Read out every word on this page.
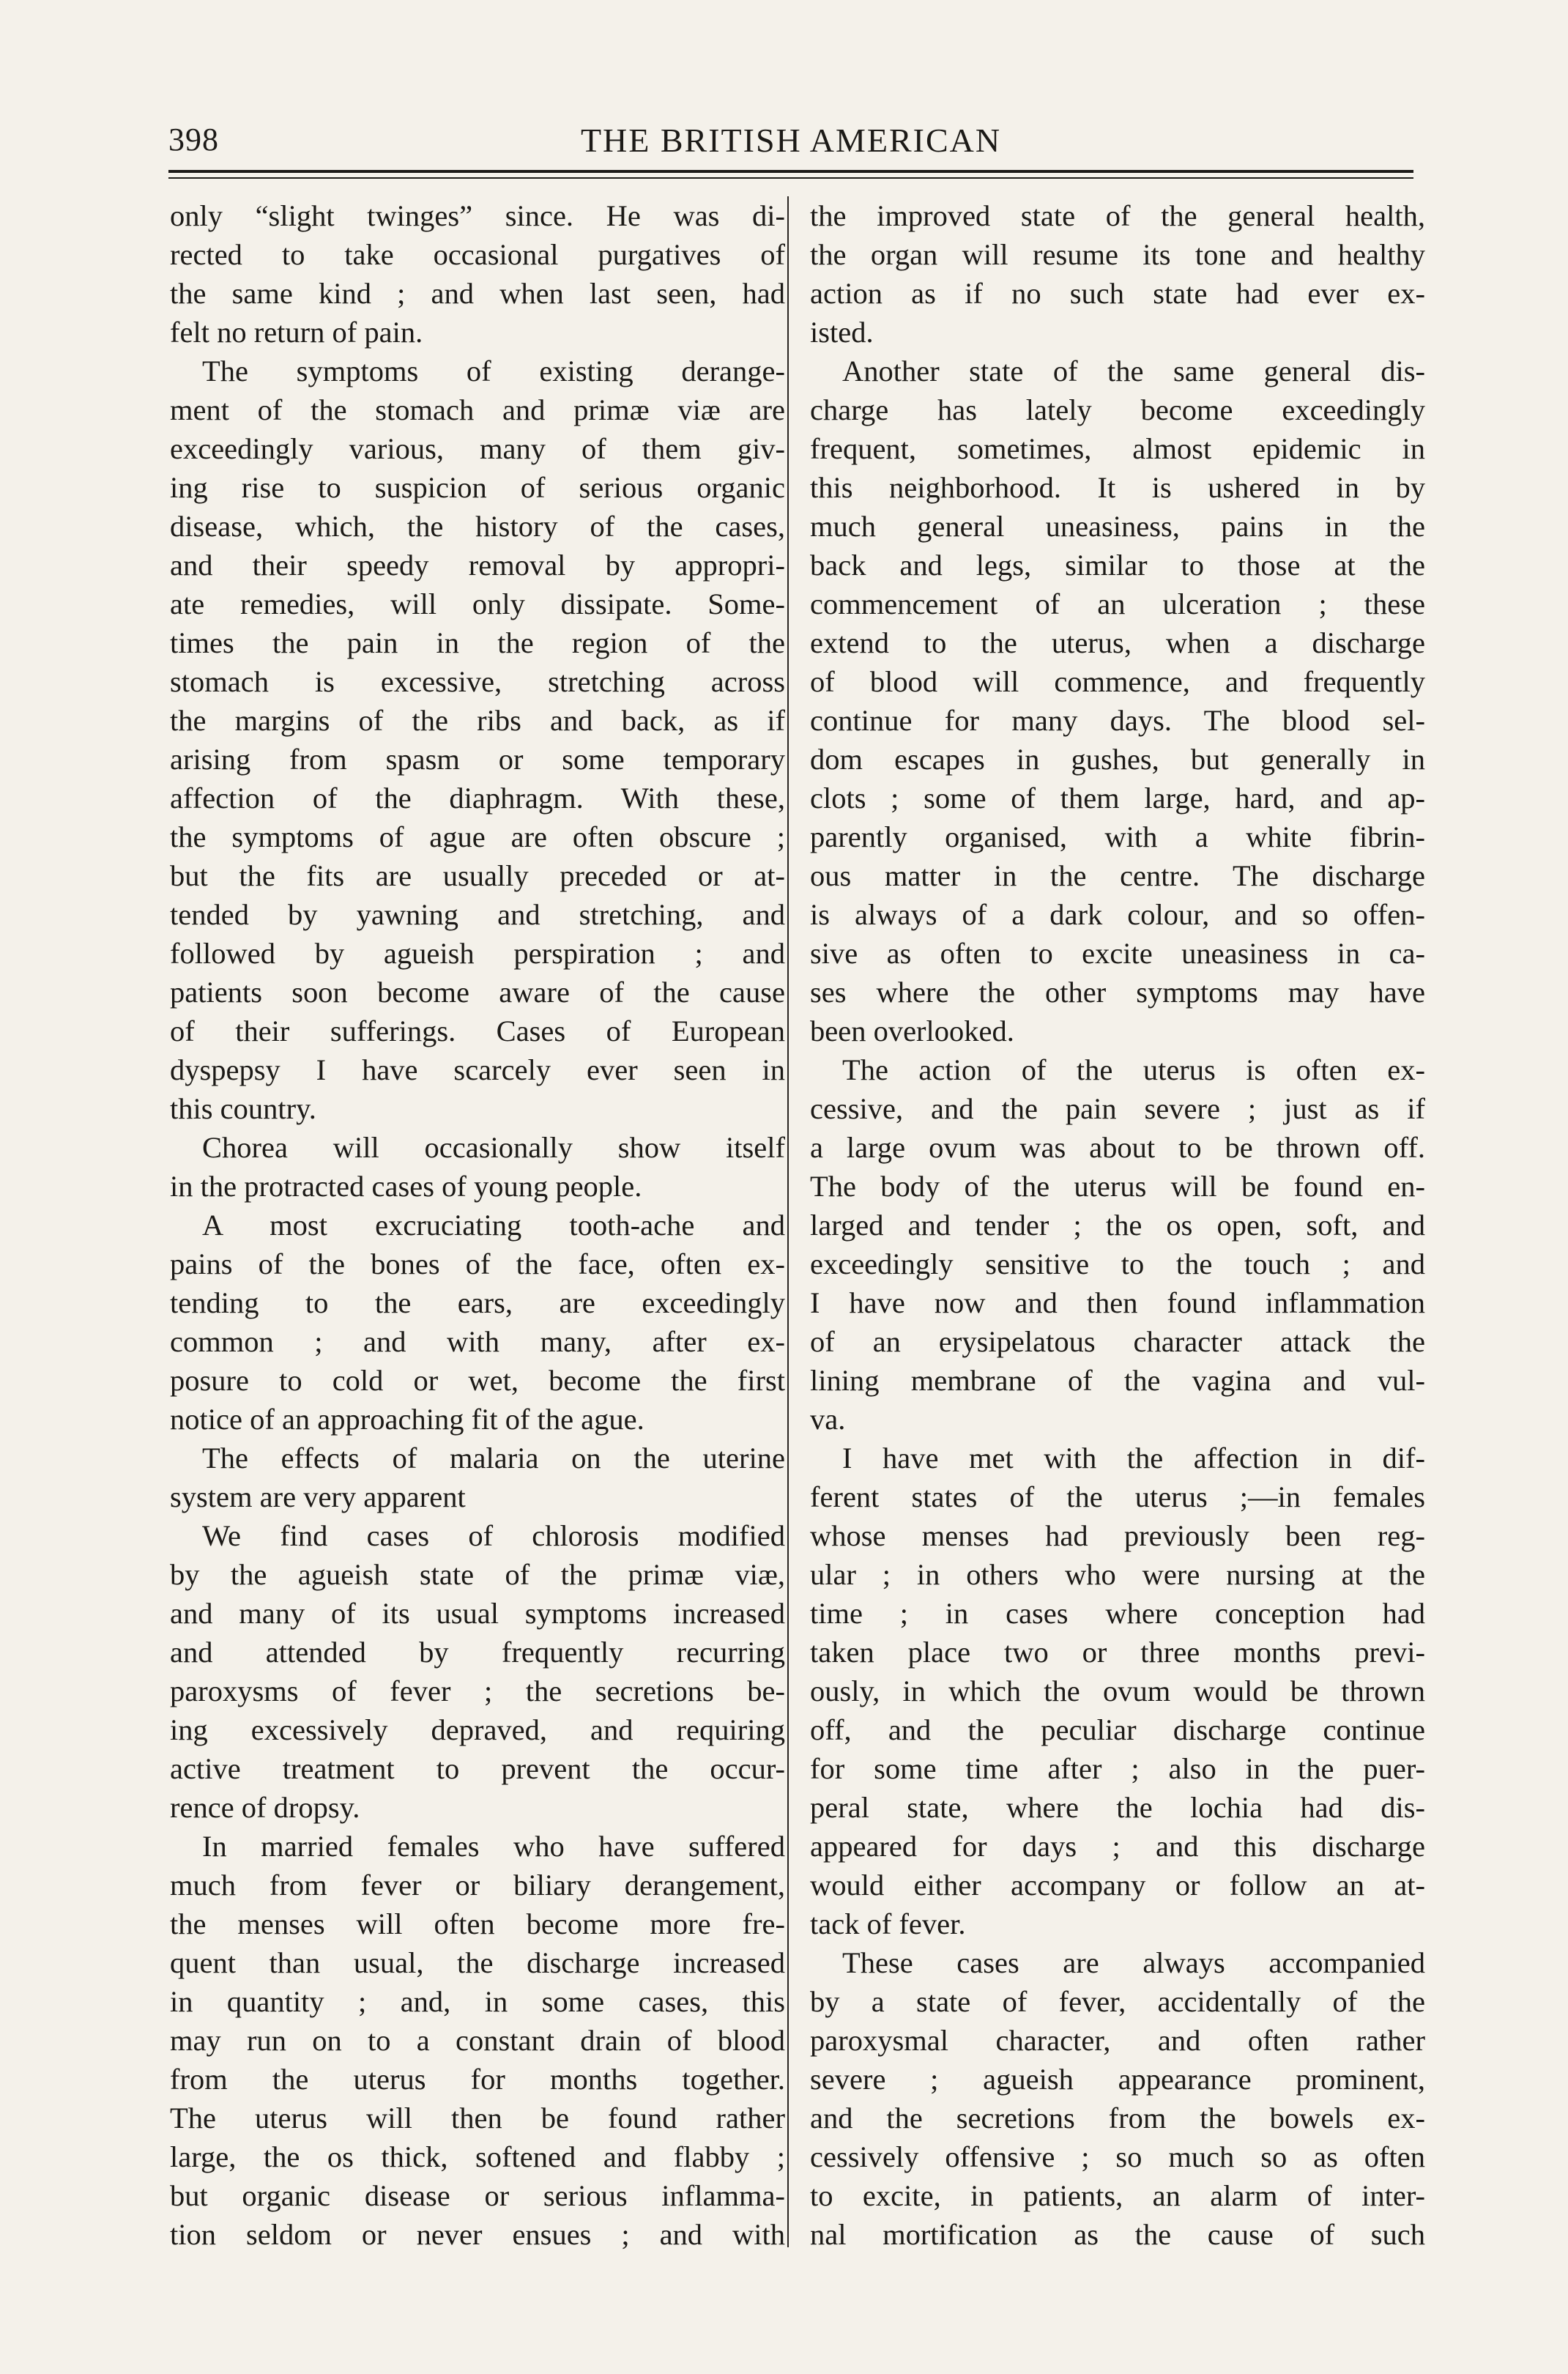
398	THE BRITISH AMERICAN
only “slight twinges” since. He was di-
rected to take occasional purgatives of
the same kind ; and when last seen, had
felt no return of pain.
The symptoms of existing derange-
ment of the stomach and primæ viæ are
exceedingly various, many of them giv-
ing rise to suspicion of serious organic
disease, which, the history of the cases,
and their speedy removal by appropri-
ate remedies, will only dissipate. Some-
times the pain in the region of the
stomach is excessive, stretching across
the margins of the ribs and back, as if
arising from spasm or some temporary
affection of the diaphragm. With these,
the symptoms of ague are often obscure ;
but the fits are usually preceded or at-
tended by yawning and stretching, and
followed by agueish perspiration ; and
patients soon become aware of the cause
of their sufferings. Cases of European
dyspepsy I have scarcely ever seen in
this country.
Chorea will occasionally show itself
in the protracted cases of young people.
A most excruciating tooth-ache and
pains of the bones of the face, often ex-
tending to the ears, are exceedingly
common ; and with many, after ex-
posure to cold or wet, become the first
notice of an approaching fit of the ague.
The effects of malaria on the uterine
system are very apparent
We find cases of chlorosis modified
by the agueish state of the primæ viæ,
and many of its usual symptoms increased
and attended by frequently recurring
paroxysms of fever ; the secretions be-
ing excessively depraved, and requiring
active treatment to prevent the occur-
rence of dropsy.
In married females who have suffered
much from fever or biliary derangement,
the menses will often become more fre-
quent than usual, the discharge increased
in quantity ; and, in some cases, this
may run on to a constant drain of blood
from the uterus for months together.
The uterus will then be found rather
large, the os thick, softened and flabby ;
but organic disease or serious inflamma-
tion seldom or never ensues ; and with
the improved state of the general health,
the organ will resume its tone and healthy
action as if no such state had ever ex-
isted.
Another state of the same general dis-
charge has lately become exceedingly
frequent, sometimes, almost epidemic in
this neighborhood. It is ushered in by
much general uneasiness, pains in the
back and legs, similar to those at the
commencement of an ulceration ; these
extend to the uterus, when a discharge
of blood will commence, and frequently
continue for many days. The blood sel-
dom escapes in gushes, but generally in
clots ; some of them large, hard, and ap-
parently organised, with a white fibrin-
ous matter in the centre. The discharge
is always of a dark colour, and so offen-
sive as often to excite uneasiness in ca-
ses where the other symptoms may have
been overlooked.
The action of the uterus is often ex-
cessive, and the pain severe ; just as if
a large ovum was about to be thrown off.
The body of the uterus will be found en-
larged and tender ; the os open, soft, and
exceedingly sensitive to the touch ; and
I have now and then found inflammation
of an erysipelatous character attack the
lining membrane of the vagina and vul-
va.
I have met with the affection in dif-
ferent states of the uterus ;—in females
whose menses had previously been reg-
ular ; in others who were nursing at the
time ; in cases where conception had
taken place two or three months previ-
ously, in which the ovum would be thrown
off, and the peculiar discharge continue
for some time after ; also in the puer-
peral state, where the lochia had dis-
appeared for days ; and this discharge
would either accompany or follow an at-
tack of fever.
These cases are always accompanied
by a state of fever, accidentally of the
paroxysmal character, and often rather
severe ; agueish appearance prominent,
and the secretions from the bowels ex-
cessively offensive ; so much so as often
to excite, in patients, an alarm of inter-
nal mortification as the cause of such
